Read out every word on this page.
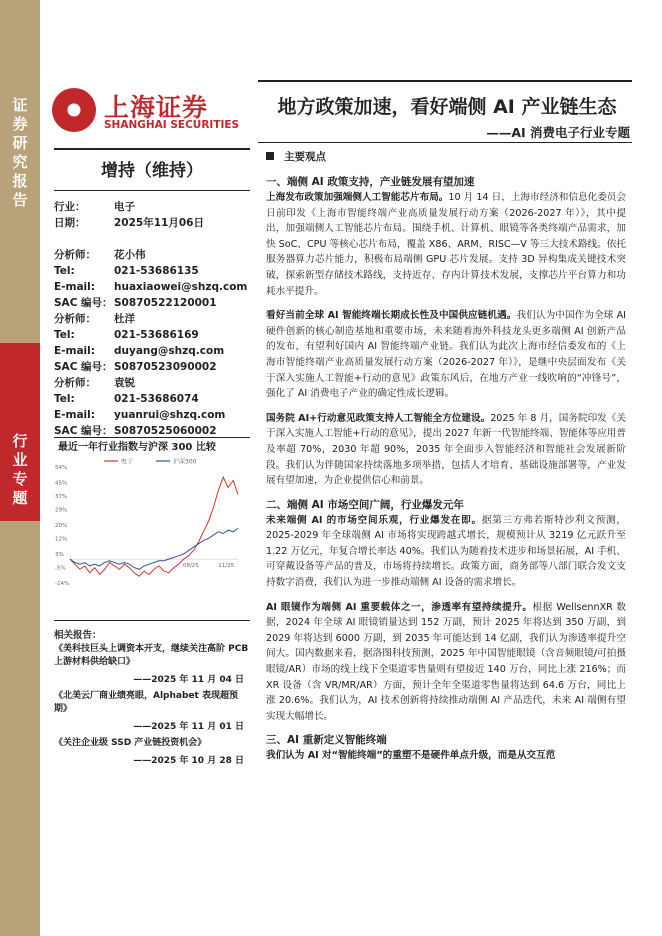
证券研究报告
行业专题
上海证券
SHANGHAI SECURITIES
地方政策加速，看好端侧 AI 产业链生态
——AI 消费电子行业专题
增持（维持）
行业：	电子
日期：	2025年11月06日
分析师：	花小伟
Tel:	021-53686135
E-mail:	huaxiaowei@shzq.com
SAC 编号： S0870522120001
分析师：	杜洋
Tel:	021-53686169
E-mail:	duyang@shzq.com
SAC 编号： S0870523090002
分析师：	袁锐
Tel:	021-53686074
E-mail:	yuanrui@shzq.com
SAC 编号： S0870525060002
最近一年行业指数与沪深 300 比较
电子	沪深300
54%
45%
37%
29%
20%
12%
3%
-5%
-14%
08/25	11/25
相关报告：
《美科技巨头上调资本开支，继续关注高阶 PCB 上游材料供给缺口》
——2025 年 11 月 04 日
《北美云厂商业绩亮眼，Alphabet 表现超预期》
——2025 年 11 月 01 日
《关注企业级 SSD 产业链投资机会》
——2025 年 10 月 28 日
主要观点
一、端侧 AI 政策支持，产业链发展有望加速
上海发布政策加强端侧人工智能芯片布局。10 月 14 日，上海市经济和信息化委员会日前印发《上海市智能终端产业高质量发展行动方案（2026-2027 年）》，其中提出，加强端侧人工智能芯片布局。围绕手机、计算机、眼镜等各类终端产品需求，加快 SoC、CPU 等核心芯片布局，覆盖 X86、ARM、RISC—V 等三大技术路线。依托服务器算力芯片能力，积极布局端侧 GPU 芯片发展。支持 3D 异构集成关键技术突破，探索新型存储技术路线，支持近存、存内计算技术发展，支撑芯片平台算力和功耗水平提升。
看好当前全球 AI 智能终端长期成长性及中国供应链机遇。我们认为中国作为全球 AI 硬件创新的核心制造基地和重要市场，未来随着海外科技龙头更多端侧 AI 创新产品的发布，有望利好国内 AI 智能终端产业链。我们认为此次上海市经信委发布的《上海市智能终端产业高质量发展行动方案（2026-2027 年）》，是继中央层面发布《关于深入实施人工智能+行动的意见》政策东风后，在地方产业一线吹响的“冲锋号”，强化了 AI 消费电子产业的确定性成长逻辑。
国务院 AI+行动意见政策支持人工智能全方位建设。2025 年 8 月，国务院印发《关于深入实施人工智能+行动的意见》，提出 2027 年新一代智能终端、智能体等应用普及率超 70%，2030 年超 90%，2035 年全面步入智能经济和智能社会发展新阶段。我们认为伴随国家持续落地多项举措，包括人才培育、基础设施部署等，产业发展有望加速，为企业提供信心和前景。
二、端侧 AI 市场空间广阔，行业爆发元年
未来端侧 AI 的市场空间乐观，行业爆发在即。据第三方弗若斯特沙利文预测，2025-2029 年全球端侧 AI 市场将实现跨越式增长，规模预计从 3219 亿元跃升至 1.22 万亿元，年复合增长率达 40%。我们认为随着技术进步和场景拓展，AI 手机、可穿戴设备等产品的普及，市场将持续增长。政策方面，商务部等八部门联合发文支持数字消费，我们认为进一步推动端侧 AI 设备的需求增长。
AI 眼镜作为端侧 AI 重要载体之一，渗透率有望持续提升。根据 WellsennXR 数据，2024 年全球 AI 眼镜销量达到 152 万副，预计 2025 年将达到 350 万副，到 2029 年将达到 6000 万副，到 2035 年可能达到 14 亿副，我们认为渗透率提升空间大。国内数据来看，据洛图科技预测，2025 年中国智能眼镜（含音频眼镜/可拍摄眼镜/AR）市场的线上线下全渠道零售量则有望接近 140 万台，同比上涨 216%；而 XR 设备（含 VR/MR/AR）方面，预计全年全渠道零售量将达到 64.6 万台，同比上涨 20.6%。我们认为，AI 技术创新将持续推动端侧 AI 产品迭代，未来 AI 端侧有望实现大幅增长。
三、AI 重新定义智能终端
我们认为 AI 对“智能终端”的重塑不是硬件单点升级，而是从交互范
